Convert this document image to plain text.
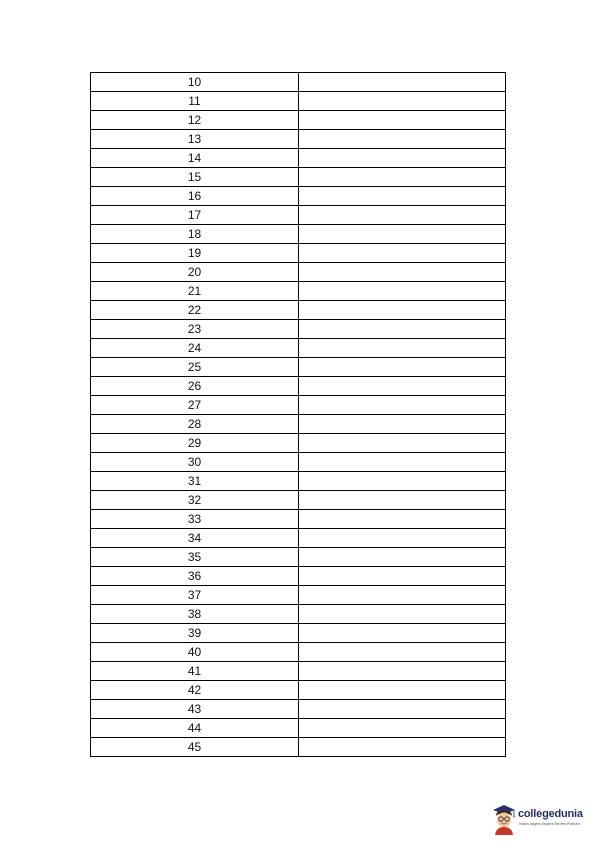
10	
11	
12	
13	
14	
15	
16	
17	
18	
19	
20	
21	
22	
23	
24	
25	
26	
27	
28	
29	
30	
31	
32	
33	
34	
35	
36	
37	
38	
39	
40	
41	
42	
43	
44	
45	
collegedunia
India's largest Student Review Platform
